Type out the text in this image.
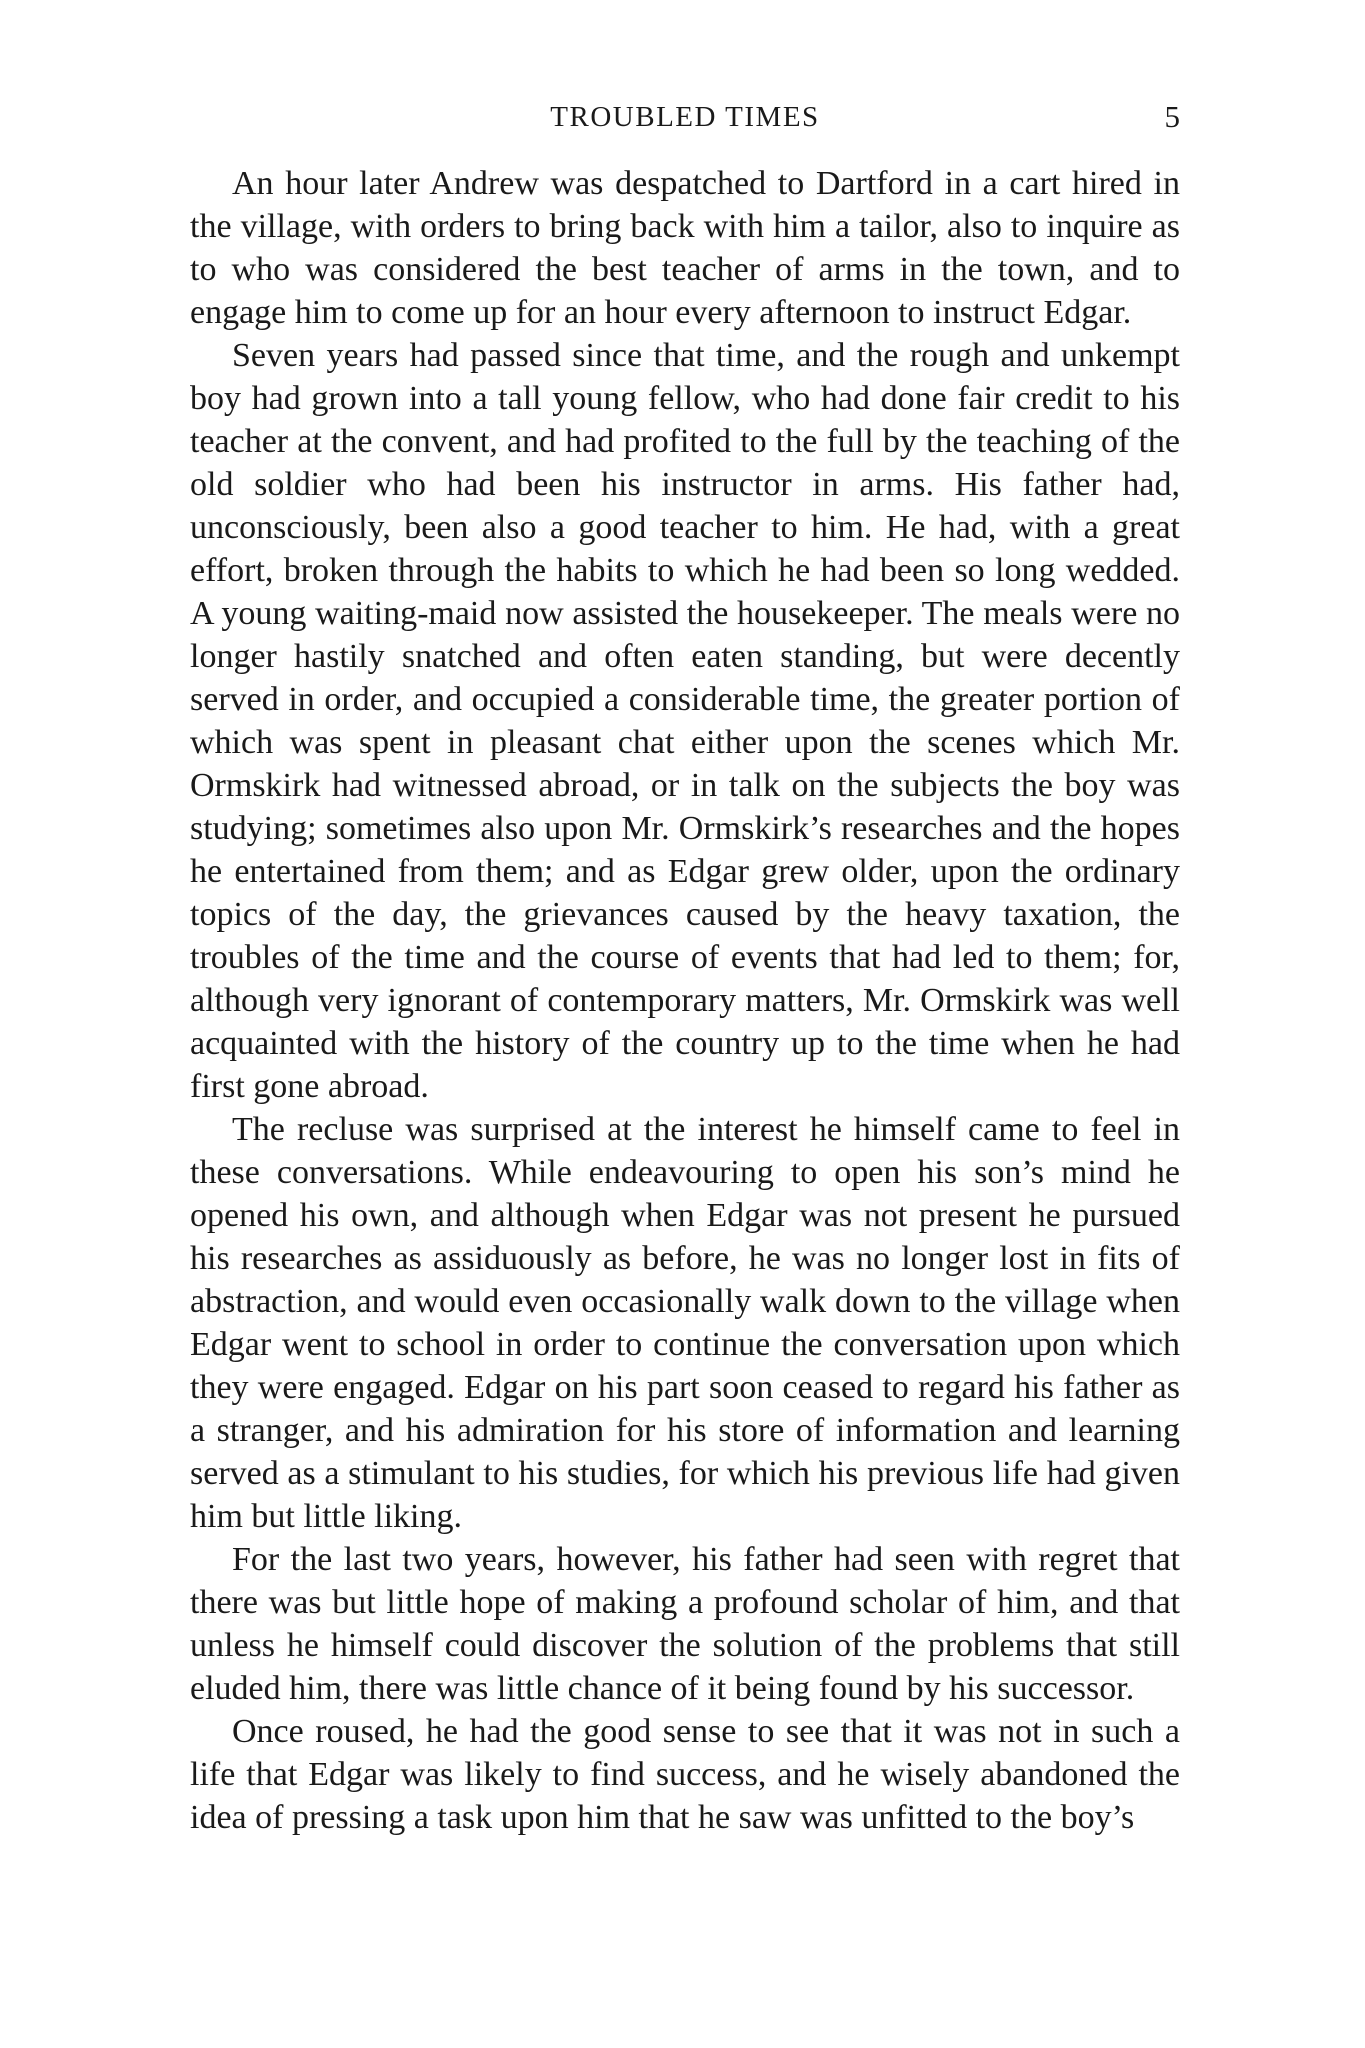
TROUBLED TIMES	5

An hour later Andrew was despatched to Dartford in a cart hired in the village, with orders to bring back with him a tailor, also to inquire as to who was considered the best teacher of arms in the town, and to engage him to come up for an hour every afternoon to instruct Edgar.

Seven years had passed since that time, and the rough and unkempt boy had grown into a tall young fellow, who had done fair credit to his teacher at the convent, and had profited to the full by the teaching of the old soldier who had been his instructor in arms. His father had, unconsciously, been also a good teacher to him. He had, with a great effort, broken through the habits to which he had been so long wedded. A young waiting-maid now assisted the housekeeper. The meals were no longer hastily snatched and often eaten standing, but were decently served in order, and occupied a considerable time, the greater portion of which was spent in pleasant chat either upon the scenes which Mr. Ormskirk had witnessed abroad, or in talk on the subjects the boy was studying; sometimes also upon Mr. Ormskirk’s researches and the hopes he entertained from them; and as Edgar grew older, upon the ordinary topics of the day, the grievances caused by the heavy taxation, the troubles of the time and the course of events that had led to them; for, although very ignorant of contemporary matters, Mr. Ormskirk was well acquainted with the history of the country up to the time when he had first gone abroad.

The recluse was surprised at the interest he himself came to feel in these conversations. While endeavouring to open his son’s mind he opened his own, and although when Edgar was not present he pursued his researches as assiduously as before, he was no longer lost in fits of abstraction, and would even occasionally walk down to the village when Edgar went to school in order to continue the conversation upon which they were engaged. Edgar on his part soon ceased to regard his father as a stranger, and his admiration for his store of information and learning served as a stimulant to his studies, for which his previous life had given him but little liking.

For the last two years, however, his father had seen with regret that there was but little hope of making a profound scholar of him, and that unless he himself could discover the solution of the problems that still eluded him, there was little chance of it being found by his successor.

Once roused, he had the good sense to see that it was not in such a life that Edgar was likely to find success, and he wisely abandoned the idea of pressing a task upon him that he saw was unfitted to the boy’s
